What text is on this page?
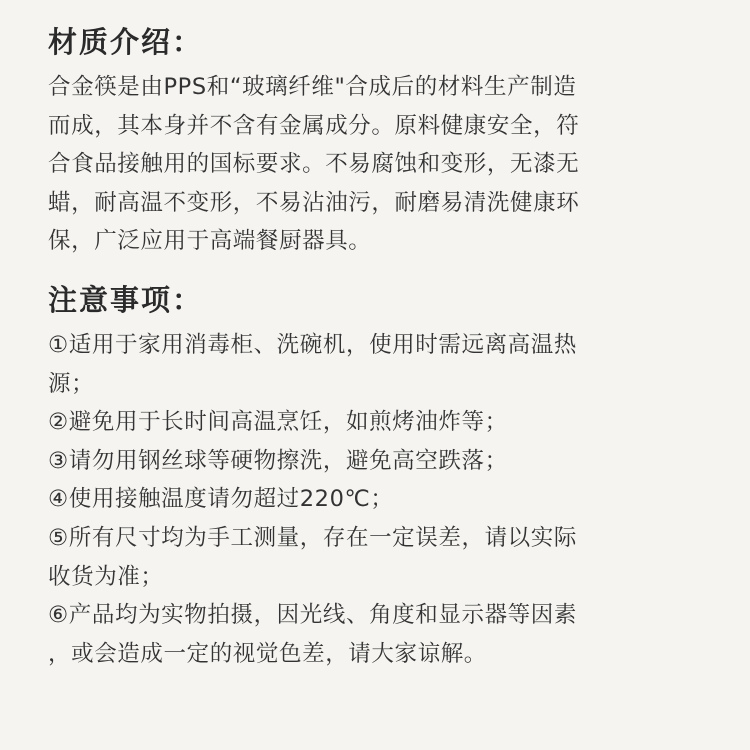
材质介绍：
合金筷是由PPS和“玻璃纤维"合成后的材料生产制造
而成，其本身并不含有金属成分。原料健康安全，符
合食品接触用的国标要求。不易腐蚀和变形，无漆无
蜡，耐高温不变形，不易沾油污，耐磨易清洗健康环
保，广泛应用于高端餐厨器具。
注意事项：
①适用于家用消毒柜、洗碗机，使用时需远离高温热
源；
②避免用于长时间高温烹饪，如煎烤油炸等；
③请勿用钢丝球等硬物擦洗，避免高空跌落；
④使用接触温度请勿超过220℃；
⑤所有尺寸均为手工测量，存在一定误差，请以实际
收货为准；
⑥产品均为实物拍摄，因光线、角度和显示器等因素
，或会造成一定的视觉色差，请大家谅解。
